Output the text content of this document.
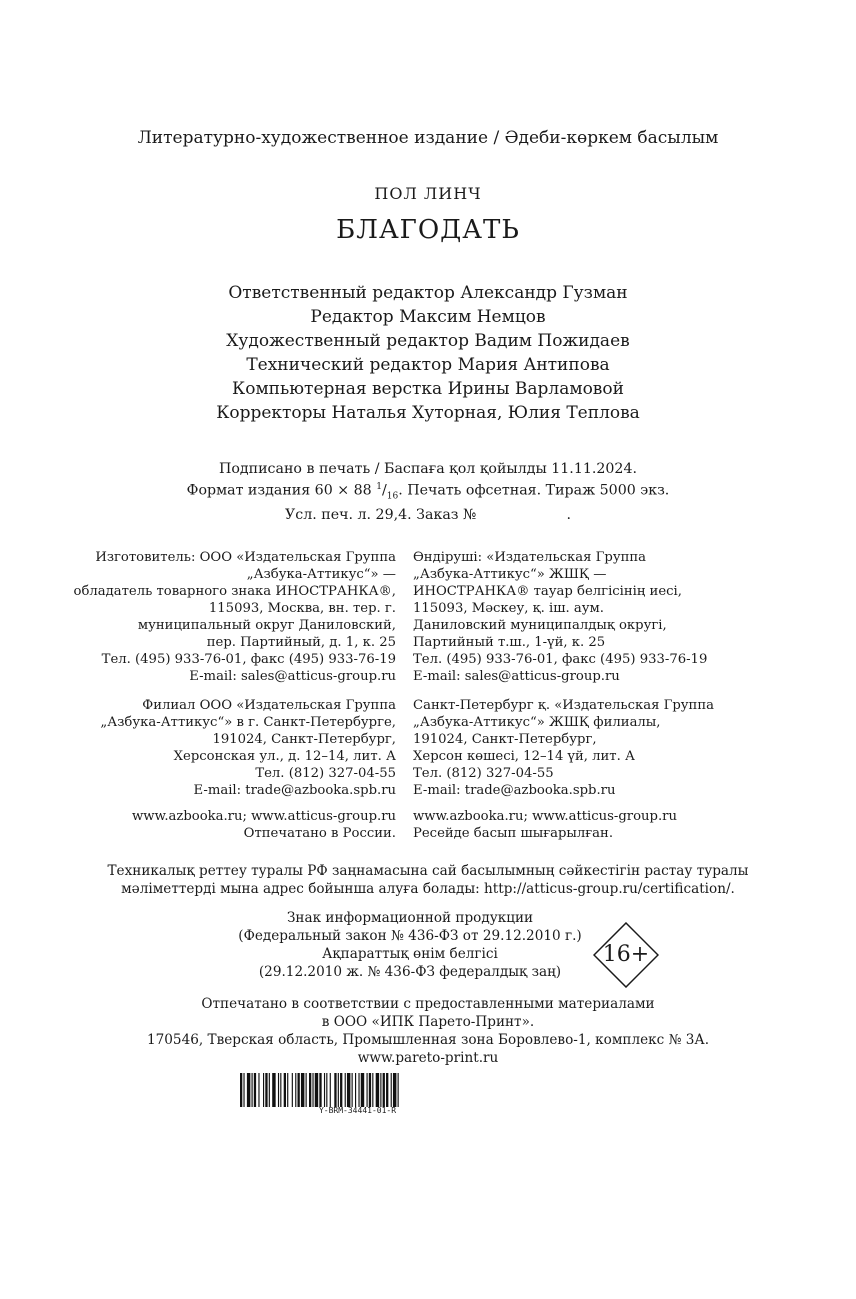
Литературно-художественное издание / Әдеби-көркем басылым
ПОЛ ЛИНЧ
БЛАГОДАТЬ
Ответственный редактор Александр Гузман
Редактор Максим Немцов
Художественный редактор Вадим Пожидаев
Технический редактор Мария Антипова
Компьютерная верстка Ирины Варламовой
Корректоры Наталья Хуторная, Юлия Теплова
Подписано в печать / Баспаға қол қойылды 11.11.2024.
Формат издания 60 × 88 $^1/_{16}$. Печать офсетная. Тираж 5000 экз.
Усл. печ. л. 29,4. Заказ №	.
Изготовитель: ООО «Издательская Группа
„Азбука-Аттикус“» —
обладатель товарного знака ИНОСТРАНКА®,
115093, Москва, вн. тер. г.
муниципальный округ Даниловский,
пер. Партийный, д. 1, к. 25
Тел. (495) 933-76-01, факс (495) 933-76-19
E-mail: sales@atticus-group.ru
Өндіруші: «Издательская Группа
„Азбука-Аттикус“» ЖШҚ —
ИНОСТРАНКА® тауар белгісінің иесі,
115093, Мәскеу, қ. іш. аум.
Даниловский муниципалдық округі,
Партийный т.ш., 1-үй, к. 25
Тел. (495) 933-76-01, факс (495) 933-76-19
E-mail: sales@atticus-group.ru
Филиал ООО «Издательская Группа
„Азбука-Аттикус“» в г. Санкт-Петербурге,
191024, Санкт-Петербург,
Херсонская ул., д. 12–14, лит. А
Тел. (812) 327-04-55
E-mail: trade@azbooka.spb.ru
Санкт-Петербург қ. «Издательская Группа
„Азбука-Аттикус“» ЖШҚ филиалы,
191024, Санкт-Петербург,
Херсон көшесі, 12–14 үй, лит. А
Тел. (812) 327-04-55
E-mail: trade@azbooka.spb.ru
www.azbooka.ru; www.atticus-group.ru
Отпечатано в России.
www.azbooka.ru; www.atticus-group.ru
Ресейде басып шығарылған.
Техникалық реттеу туралы РФ заңнамасына сай басылымның сәйкестігін растау туралы
мәліметтерді мына адрес бойынша алуға болады: http://atticus-group.ru/certification/.
Знак информационной продукции
(Федеральный закон № 436-ФЗ от 29.12.2010 г.)
Ақпараттық өнім белгісі
(29.12.2010 ж. № 436-ФЗ федералдық заң)
16+
Отпечатано в соответствии с предоставленными материалами
в ООО «ИПК Парето-Принт».
170546, Тверская область, Промышленная зона Боровлево-1, комплекс № 3А.
www.pareto-print.ru
Y-BRM-34441-01-R
